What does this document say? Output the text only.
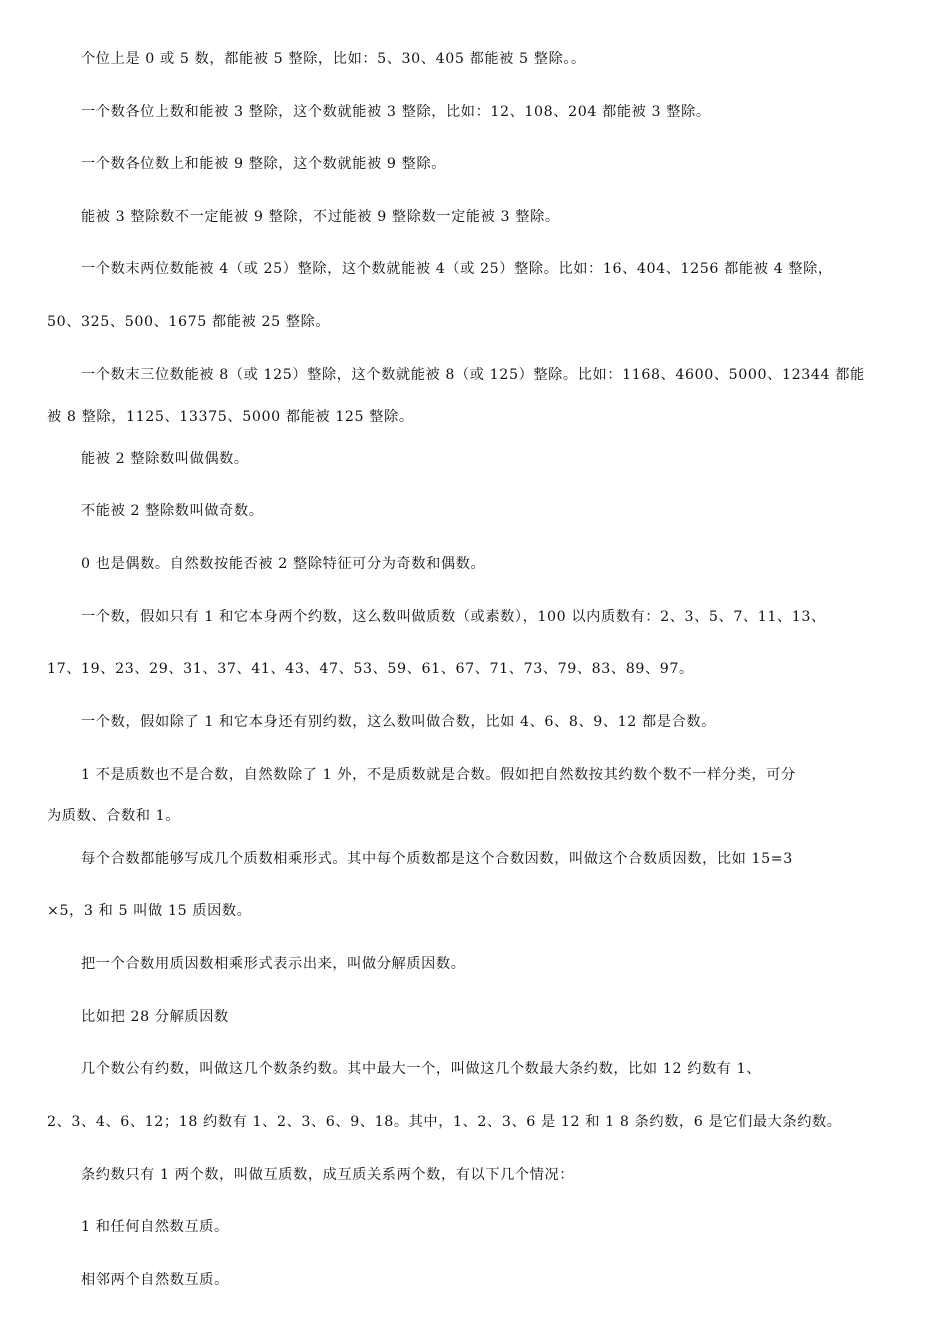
个位上是 0 或 5 数，都能被 5 整除，比如：5、30、405 都能被 5 整除。。

一个数各位上数和能被 3 整除，这个数就能被 3 整除，比如：12、108、204 都能被 3 整除。

一个数各位数上和能被 9 整除，这个数就能被 9 整除。

能被 3 整除数不一定能被 9 整除，不过能被 9 整除数一定能被 3 整除。

一个数末两位数能被 4（或 25）整除，这个数就能被 4（或 25）整除。比如：16、404、1256 都能被 4 整除，

50、325、500、1675 都能被 25 整除。

一个数末三位数能被 8（或 125）整除，这个数就能被 8（或 125）整除。比如：1168、4600、5000、12344 都能

被 8 整除，1125、13375、5000 都能被 125 整除。

能被 2 整除数叫做偶数。

不能被 2 整除数叫做奇数。

0 也是偶数。自然数按能否被 2 整除特征可分为奇数和偶数。

一个数，假如只有 1 和它本身两个约数，这么数叫做质数（或素数），100 以内质数有：2、3、5、7、11、13、

17、19、23、29、31、37、41、43、47、53、59、61、67、71、73、79、83、89、97。

一个数，假如除了 1 和它本身还有别约数，这么数叫做合数，比如 4、6、8、9、12 都是合数。

1 不是质数也不是合数，自然数除了 1 外，不是质数就是合数。假如把自然数按其约数个数不一样分类，可分

为质数、合数和 1。

每个合数都能够写成几个质数相乘形式。其中每个质数都是这个合数因数，叫做这个合数质因数，比如 15=3

×5，3 和 5 叫做 15 质因数。

把一个合数用质因数相乘形式表示出来，叫做分解质因数。

比如把 28 分解质因数

几个数公有约数，叫做这几个数条约数。其中最大一个，叫做这几个数最大条约数，比如 12 约数有 1、

2、3、4、6、12；18 约数有 1、2、3、6、9、18。其中，1、2、3、6 是 12 和 1 8 条约数，6 是它们最大条约数。

条约数只有 1 两个数，叫做互质数，成互质关系两个数，有以下几个情况：

1 和任何自然数互质。

相邻两个自然数互质。
